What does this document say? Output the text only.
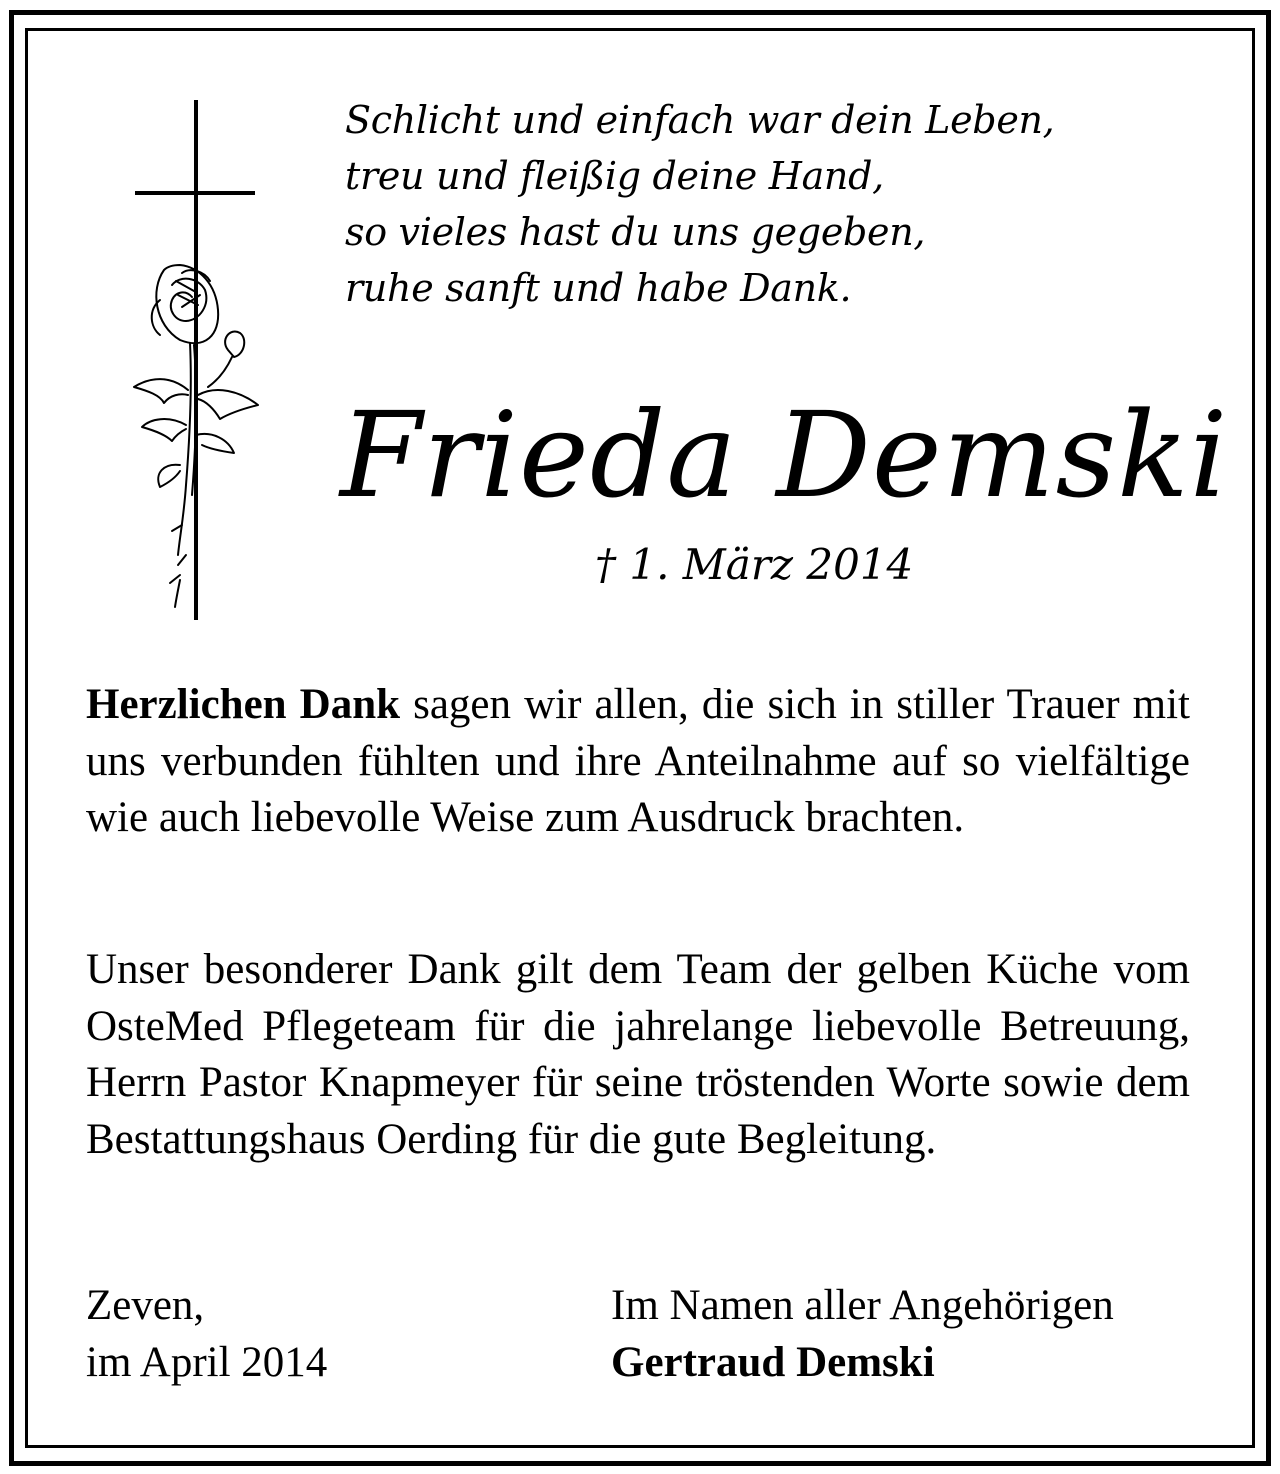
Schlicht und einfach war dein Leben,
treu und fleißig deine Hand,
so vieles hast du uns gegeben,
ruhe sanft und habe Dank.
Frieda Demski
† 1. März 2014

Herzlichen Dank sagen wir allen, die sich in stiller Trauer mit uns verbunden fühlten und ihre Anteilnahme auf so vielfältige wie auch liebevolle Weise zum Ausdruck brachten.

Unser besonderer Dank gilt dem Team der gelben Küche vom OsteMed Pflegeteam für die jahrelange liebevolle Betreuung, Herrn Pastor Knapmeyer für seine tröstenden Worte sowie dem Bestattungshaus Oerding für die gute Begleitung.

Zeven,
im April 2014
Im Namen aller Angehörigen
Gertraud Demski
